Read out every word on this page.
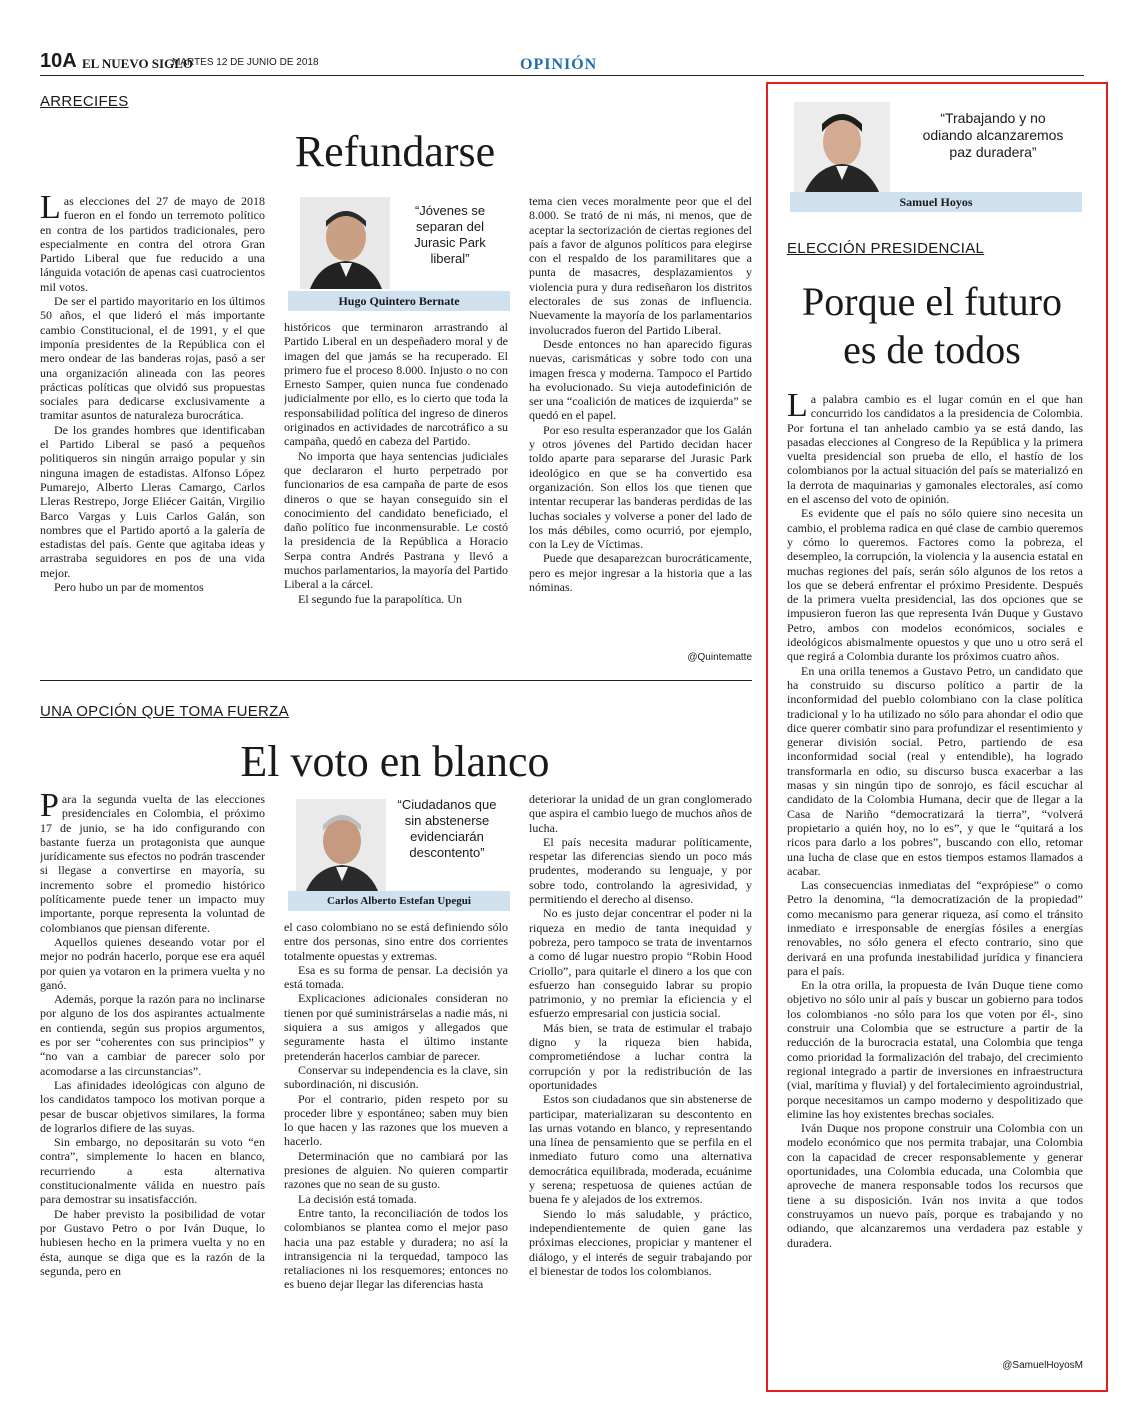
10A EL NUEVO SIGLO
MARTES 12 DE JUNIO DE 2018	OPINIÓN
ARRECIFES
Refundarse
“Jóvenes se separan del Jurasic Park liberal”
Hugo Quintero Bernate
L as elecciones del 27 de mayo de 2018 fueron en el fondo un terremoto político en contra de los partidos tradicionales, pero especialmente en contra del otrora Gran Partido Liberal que fue reducido a una lánguida votación de apenas casi cuatrocientos mil votos.

De ser el partido mayoritario en los últimos 50 años, el que lideró el más importante cambio Constitucional, el de 1991, y el que imponía presidentes de la República con el mero ondear de las banderas rojas, pasó a ser una organización alineada con las peores prácticas políticas que olvidó sus propuestas sociales para dedicarse exclusivamente a tramitar asuntos de naturaleza burocrática.

De los grandes hombres que identificaban el Partido Liberal se pasó a pequeños politiqueros sin ningún arraigo popular y sin ninguna imagen de estadistas. Alfonso López Pumarejo, Alberto Lleras Camargo, Carlos Lleras Restrepo, Jorge Eliécer Gaitán, Virgilio Barco Vargas y Luis Carlos Galán, son nombres que el Partido aportó a la galería de estadistas del país. Gente que agitaba ideas y arrastraba seguidores en pos de una vida mejor.

Pero hubo un par de momentos

históricos que terminaron arrastrando al Partido Liberal en un despeñadero moral y de imagen del que jamás se ha recuperado. El primero fue el proceso 8.000. Injusto o no con Ernesto Samper, quien nunca fue condenado judicialmente por ello, es lo cierto que toda la responsabilidad política del ingreso de dineros originados en actividades de narcotráfico a su campaña, quedó en cabeza del Partido.

No importa que haya sentencias judiciales que declararon el hurto perpetrado por funcionarios de esa campaña de parte de esos dineros o que se hayan conseguido sin el conocimiento del candidato beneficiado, el daño político fue inconmensurable. Le costó la presidencia de la República a Horacio Serpa contra Andrés Pastrana y llevó a muchos parlamentarios, la mayoría del Partido Liberal a la cárcel.

El segundo fue la parapolítica. Un

tema cien veces moralmente peor que el del 8.000. Se trató de ni más, ni menos, que de aceptar la sectorización de ciertas regiones del país a favor de algunos políticos para elegirse con el respaldo de los paramilitares que a punta de masacres, desplazamientos y violencia pura y dura rediseñaron los distritos electorales de sus zonas de influencia. Nuevamente la mayoría de los parlamentarios involucrados fueron del Partido Liberal.

Desde entonces no han aparecido figuras nuevas, carismáticas y sobre todo con una imagen fresca y moderna. Tampoco el Partido ha evolucionado. Su vieja autodefinición de ser una “coalición de matices de izquierda” se quedó en el papel.

Por eso resulta esperanzador que los Galán y otros jóvenes del Partido decidan hacer toldo aparte para separarse del Jurasic Park ideológico en que se ha convertido esa organización. Son ellos los que tienen que intentar recuperar las banderas perdidas de las luchas sociales y volverse a poner del lado de los más débiles, como ocurrió, por ejemplo, con la Ley de Víctimas.

Puede que desaparezcan burocráticamente, pero es mejor ingresar a la historia que a las nóminas.

@Quintematte
UNA OPCIÓN QUE TOMA FUERZA
El voto en blanco
“Ciudadanos que sin abstenerse evidenciarán descontento”
Carlos Alberto Estefan Upegui
P ara la segunda vuelta de las elecciones presidenciales en Colombia, el próximo 17 de junio, se ha ido configurando con bastante fuerza un protagonista que aunque jurídicamente sus efectos no podrán trascender si llegase a convertirse en mayoría, su incremento sobre el promedio histórico políticamente puede tener un impacto muy importante, porque representa la voluntad de colombianos que piensan diferente.

Aquellos quienes deseando votar por el mejor no podrán hacerlo, porque ese era aquél por quien ya votaron en la primera vuelta y no ganó.

Además, porque la razón para no inclinarse por alguno de los dos aspirantes actualmente en contienda, según sus propios argumentos, es por ser “coherentes con sus principios” y “no van a cambiar de parecer solo por acomodarse a las circunstancias”.

Las afinidades ideológicas con alguno de los candidatos tampoco los motivan porque a pesar de buscar objetivos similares, la forma de lograrlos difiere de las suyas.

Sin embargo, no depositarán su voto “en contra”, simplemente lo hacen en blanco, recurriendo a esta alternativa constitucionalmente válida en nuestro país para demostrar su insatisfacción.

De haber previsto la posibilidad de votar por Gustavo Petro o por Iván Duque, lo hubiesen hecho en la primera vuelta y no en ésta, aunque se diga que es la razón de la segunda, pero en

el caso colombiano no se está definiendo sólo entre dos personas, sino entre dos corrientes totalmente opuestas y extremas.

Esa es su forma de pensar. La decisión ya está tomada.

Explicaciones adicionales consideran no tienen por qué suministrárselas a nadie más, ni siquiera a sus amigos y allegados que seguramente hasta el último instante pretenderán hacerlos cambiar de parecer.

Conservar su independencia es la clave, sin subordinación, ni discusión.

Por el contrario, piden respeto por su proceder libre y espontáneo; saben muy bien lo que hacen y las razones que los mueven a hacerlo.

Determinación que no cambiará por las presiones de alguien. No quieren compartir razones que no sean de su gusto.

La decisión está tomada.

Entre tanto, la reconciliación de todos los colombianos se plantea como el mejor paso hacia una paz estable y duradera; no así la intransigencia ni la terquedad, tampoco las retaliaciones ni los resquemores; entonces no es bueno dejar llegar las diferencias hasta

deteriorar la unidad de un gran conglomerado que aspira el cambio luego de muchos años de lucha.

El país necesita madurar políticamente, respetar las diferencias siendo un poco más prudentes, moderando su lenguaje, y por sobre todo, controlando la agresividad, y permitiendo el derecho al disenso.

No es justo dejar concentrar el poder ni la riqueza en medio de tanta inequidad y pobreza, pero tampoco se trata de inventarnos a como dé lugar nuestro propio “Robin Hood Criollo”, para quitarle el dinero a los que con esfuerzo han conseguido labrar su propio patrimonio, y no premiar la eficiencia y el esfuerzo empresarial con justicia social.

Más bien, se trata de estimular el trabajo digno y la riqueza bien habida, comprometiéndose a luchar contra la corrupción y por la redistribución de las oportunidades

Estos son ciudadanos que sin abstenerse de participar, materializaran su descontento en las urnas votando en blanco, y representando una línea de pensamiento que se perfila en el inmediato futuro como una alternativa democrática equilibrada, moderada, ecuánime y serena; respetuosa de quienes actúan de buena fe y alejados de los extremos.

Siendo lo más saludable, y práctico, independientemente de quien gane las próximas elecciones, propiciar y mantener el diálogo, y el interés de seguir trabajando por el bienestar de todos los colombianos.

“Trabajando y no odiando alcanzaremos paz duradera”
Samuel Hoyos
ELECCIÓN PRESIDENCIAL
Porque el futuro es de todos
L a palabra cambio es el lugar común en el que han concurrido los candidatos a la presidencia de Colombia. Por fortuna el tan anhelado cambio ya se está dando, las pasadas elecciones al Congreso de la República y la primera vuelta presidencial son prueba de ello, el hastío de los colombianos por la actual situación del país se materializó en la derrota de maquinarias y gamonales electorales, así como en el ascenso del voto de opinión.

Es evidente que el país no sólo quiere sino necesita un cambio, el problema radica en qué clase de cambio queremos y cómo lo queremos. Factores como la pobreza, el desempleo, la corrupción, la violencia y la ausencia estatal en muchas regiones del país, serán sólo algunos de los retos a los que se deberá enfrentar el próximo Presidente. Después de la primera vuelta presidencial, las dos opciones que se impusieron fueron las que representa Iván Duque y Gustavo Petro, ambos con modelos económicos, sociales e ideológicos abismalmente opuestos y que uno u otro será el que regirá a Colombia durante los próximos cuatro años.

En una orilla tenemos a Gustavo Petro, un candidato que ha construido su discurso político a partir de la inconformidad del pueblo colombiano con la clase política tradicional y lo ha utilizado no sólo para ahondar el odio que dice querer combatir sino para profundizar el resentimiento y generar división social. Petro, partiendo de esa inconformidad social (real y entendible), ha logrado transformarla en odio, su discurso busca exacerbar a las masas y sin ningún tipo de sonrojo, es fácil escuchar al candidato de la Colombia Humana, decir que de llegar a la Casa de Nariño “democratizará la tierra”, “volverá propietario a quién hoy, no lo es”, y que le “quitará a los ricos para darlo a los pobres”, buscando con ello, retomar una lucha de clase que en estos tiempos estamos llamados a acabar.

Las consecuencias inmediatas del “exprópiese” o como Petro la denomina, “la democratización de la propiedad” como mecanismo para generar riqueza, así como el tránsito inmediato e irresponsable de energías fósiles a energías renovables, no sólo genera el efecto contrario, sino que derivará en una profunda inestabilidad jurídica y financiera para el país.

En la otra orilla, la propuesta de Iván Duque tiene como objetivo no sólo unir al país y buscar un gobierno para todos los colombianos -no sólo para los que voten por él-, sino construir una Colombia que se estructure a partir de la reducción de la burocracia estatal, una Colombia que tenga como prioridad la formalización del trabajo, del crecimiento regional integrado a partir de inversiones en infraestructura (vial, marítima y fluvial) y del fortalecimiento agroindustrial, porque necesitamos un campo moderno y despolitizado que elimine las hoy existentes brechas sociales.

Iván Duque nos propone construir una Colombia con un modelo económico que nos permita trabajar, una Colombia con la capacidad de crecer responsablemente y generar oportunidades, una Colombia educada, una Colombia que aproveche de manera responsable todos los recursos que tiene a su disposición. Iván nos invita a que todos construyamos un nuevo país, porque es trabajando y no odiando, que alcanzaremos una verdadera paz estable y duradera.

@SamuelHoyosM
